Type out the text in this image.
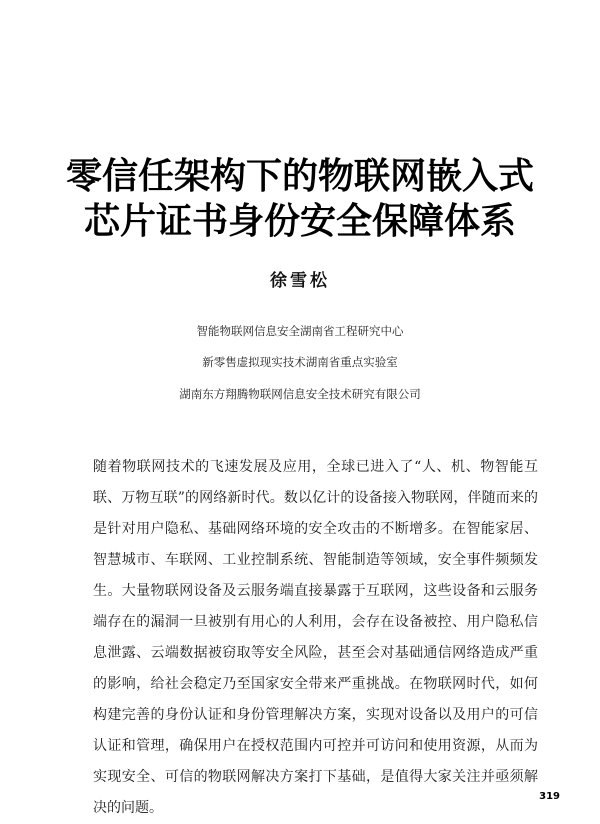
零信任架构下的物联网嵌入式
芯片证书身份安全保障体系
徐雪松
智能物联网信息安全湖南省工程研究中心
新零售虚拟现实技术湖南省重点实验室
湖南东方翔腾物联网信息安全技术研究有限公司

随着物联网技术的飞速发展及应用，全球已进入了“人、机、物智能互联、万物互联”的网络新时代。数以亿计的设备接入物联网，伴随而来的是针对用户隐私、基础网络环境的安全攻击的不断增多。在智能家居、智慧城市、车联网、工业控制系统、智能制造等领域，安全事件频频发生。大量物联网设备及云服务端直接暴露于互联网，这些设备和云服务端存在的漏洞一旦被别有用心的人利用，会存在设备被控、用户隐私信息泄露、云端数据被窃取等安全风险，甚至会对基础通信网络造成严重的影响，给社会稳定乃至国家安全带来严重挑战。在物联网时代，如何构建完善的身份认证和身份管理解决方案，实现对设备以及用户的可信认证和管理，确保用户在授权范围内可控并可访问和使用资源，从而为实现安全、可信的物联网解决方案打下基础，是值得大家关注并亟须解决的问题。

319
